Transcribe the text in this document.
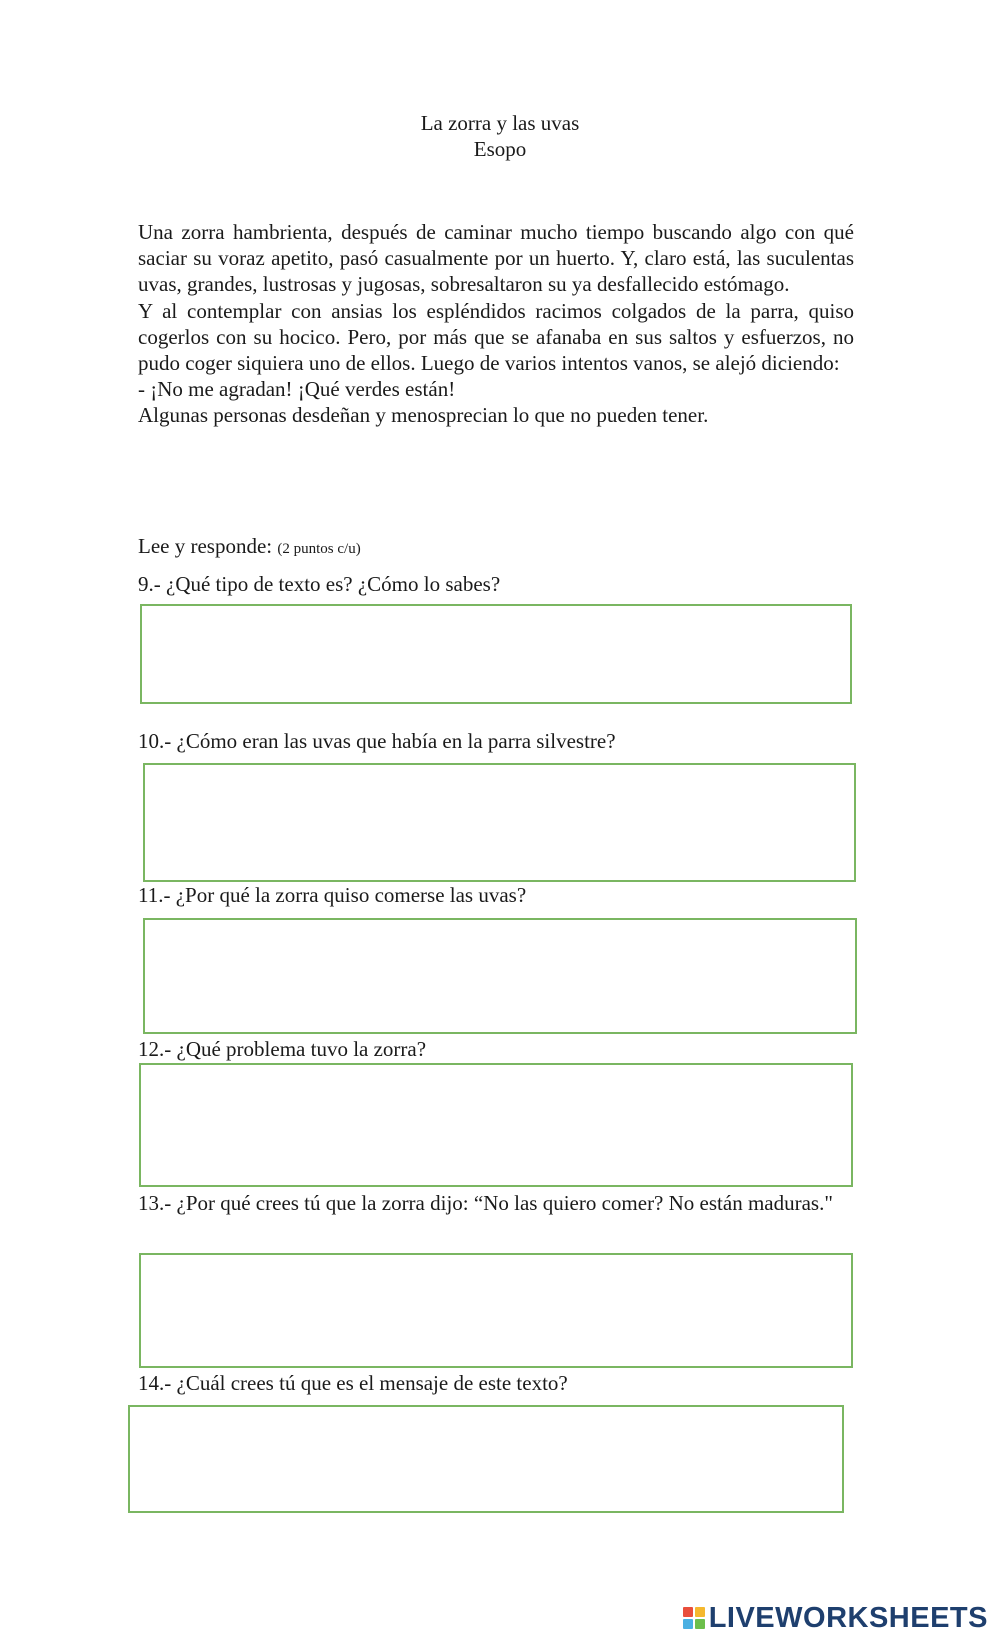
La zorra y las uvas
Esopo

Una zorra hambrienta, después de caminar mucho tiempo buscando algo con qué saciar su voraz apetito, pasó casualmente por un huerto. Y, claro está, las suculentas uvas, grandes, lustrosas y jugosas, sobresaltaron su ya desfallecido estómago.

Y al contemplar con ansias los espléndidos racimos colgados de la parra, quiso cogerlos con su hocico. Pero, por más que se afanaba en sus saltos y esfuerzos, no pudo coger siquiera uno de ellos. Luego de varios intentos vanos, se alejó diciendo:

- ¡No me agradan! ¡Qué verdes están!

Algunas personas desdeñan y menosprecian lo que no pueden tener.

Lee y responde: (2 puntos c/u)
9.- ¿Qué tipo de texto es? ¿Cómo lo sabes?
10.- ¿Cómo eran las uvas que había en la parra silvestre?
11.- ¿Por qué la zorra quiso comerse las uvas?
12.- ¿Qué problema tuvo la zorra?
13.- ¿Por qué crees tú que la zorra dijo: “No las quiero comer? No están maduras."
14.- ¿Cuál crees tú que es el mensaje de este texto?
LIVEWORKSHEETS
